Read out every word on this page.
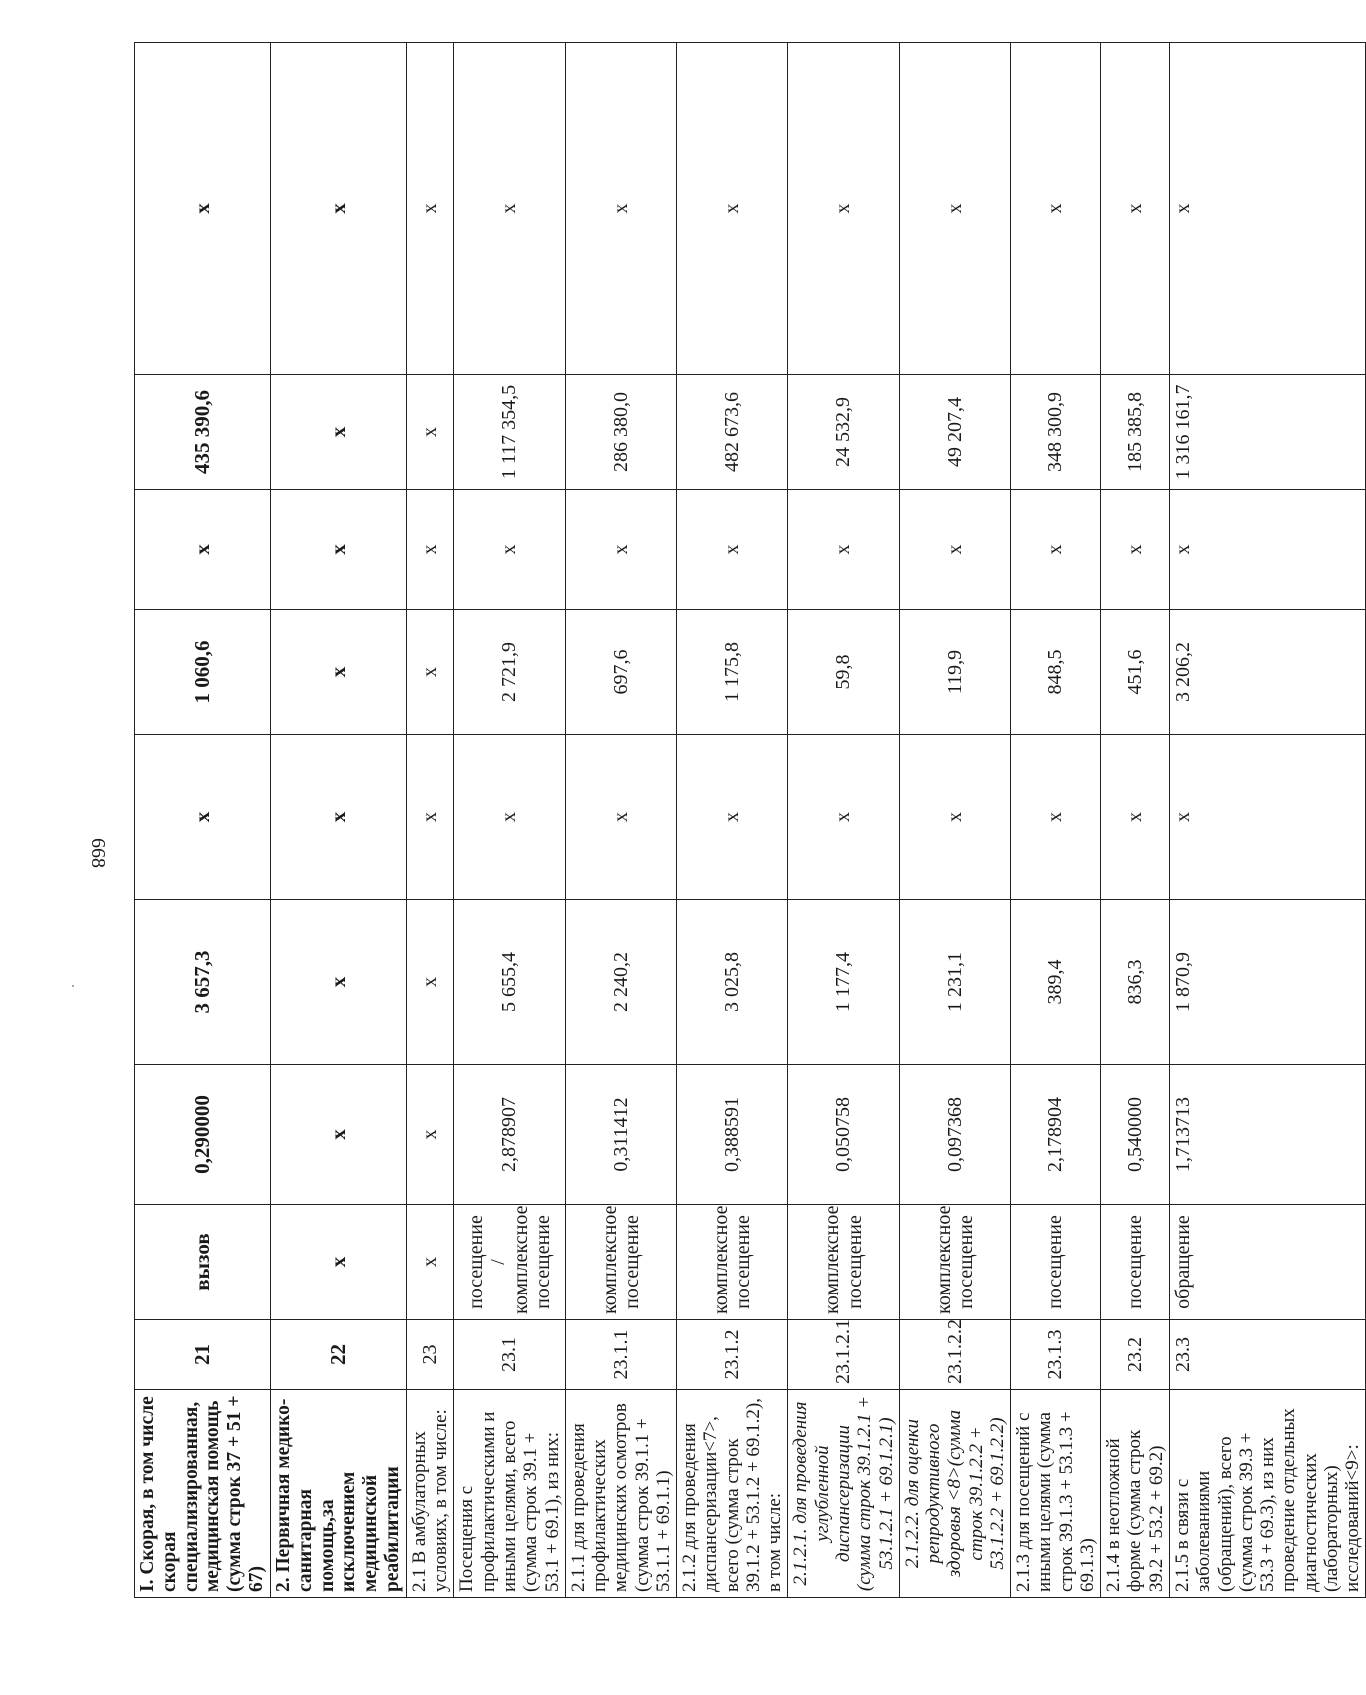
668
I. Скорая, в том числе скорая специализированная, медицинская помощь (сумма строк 37 + 51 + 67)	21	вызов	0,290000	3 657,3	х	1 060,6	х	435 390,6	х
2. Первичная медико-санитарная помощь,за исключением медицинской реабилитации	22	х	х	х	х	х	х	х	х
2.1 В амбулаторных условиях, в том числе:	23	х	х	х	х	х	х	х	х
Посещения с профилактическими и иными целями, всего (сумма строк 39.1 + 53.1 + 69.1), из них:	23.1	посещение / комплексное посещение	2,878907	5 655,4	х	2 721,9	х	1 117 354,5	х
2.1.1 для проведения профилактических медицинских осмотров (сумма строк 39.1.1 + 53.1.1 + 69.1.1)	23.1.1	комплексное посещение	0,311412	2 240,2	х	697,6	х	286 380,0	х
2.1.2 для проведения диспансеризации<7>, всего (сумма строк 39.1.2 + 53.1.2 + 69.1.2), в том числе:	23.1.2	комплексное посещение	0,388591	3 025,8	х	1 175,8	х	482 673,6	х
2.1.2.1. для проведения углубленной диспансеризации (сумма строк 39.1.2.1 + 53.1.2.1 + 69.1.2.1)	23.1.2.1	комплексное посещение	0,050758	1 177,4	х	59,8	х	24 532,9	х
2.1.2.2. для оценки репродуктивного здоровья <8>(сумма строк 39.1.2.2 + 53.1.2.2 + 69.1.2.2)	23.1.2.2	комплексное посещение	0,097368	1 231,1	х	119,9	х	49 207,4	х
2.1.3 для посещений с иными целями (сумма строк 39.1.3 + 53.1.3 + 69.1.3)	23.1.3	посещение	2,178904	389,4	х	848,5	х	348 300,9	х
2.1.4 в неотложной форме (сумма строк 39.2 + 53.2 + 69.2)	23.2	посещение	0,540000	836,3	х	451,6	х	185 385,8	х
2.1.5 в связи с заболеваниями (обращений), всего (сумма строк 39.3 + 53.3 + 69.3), из них проведение отдельных диагностических (лабораторных) исследований<9>:	23.3	обращение	1,713713	1 870,9	х	3 206,2	х	1 316 161,7	х
